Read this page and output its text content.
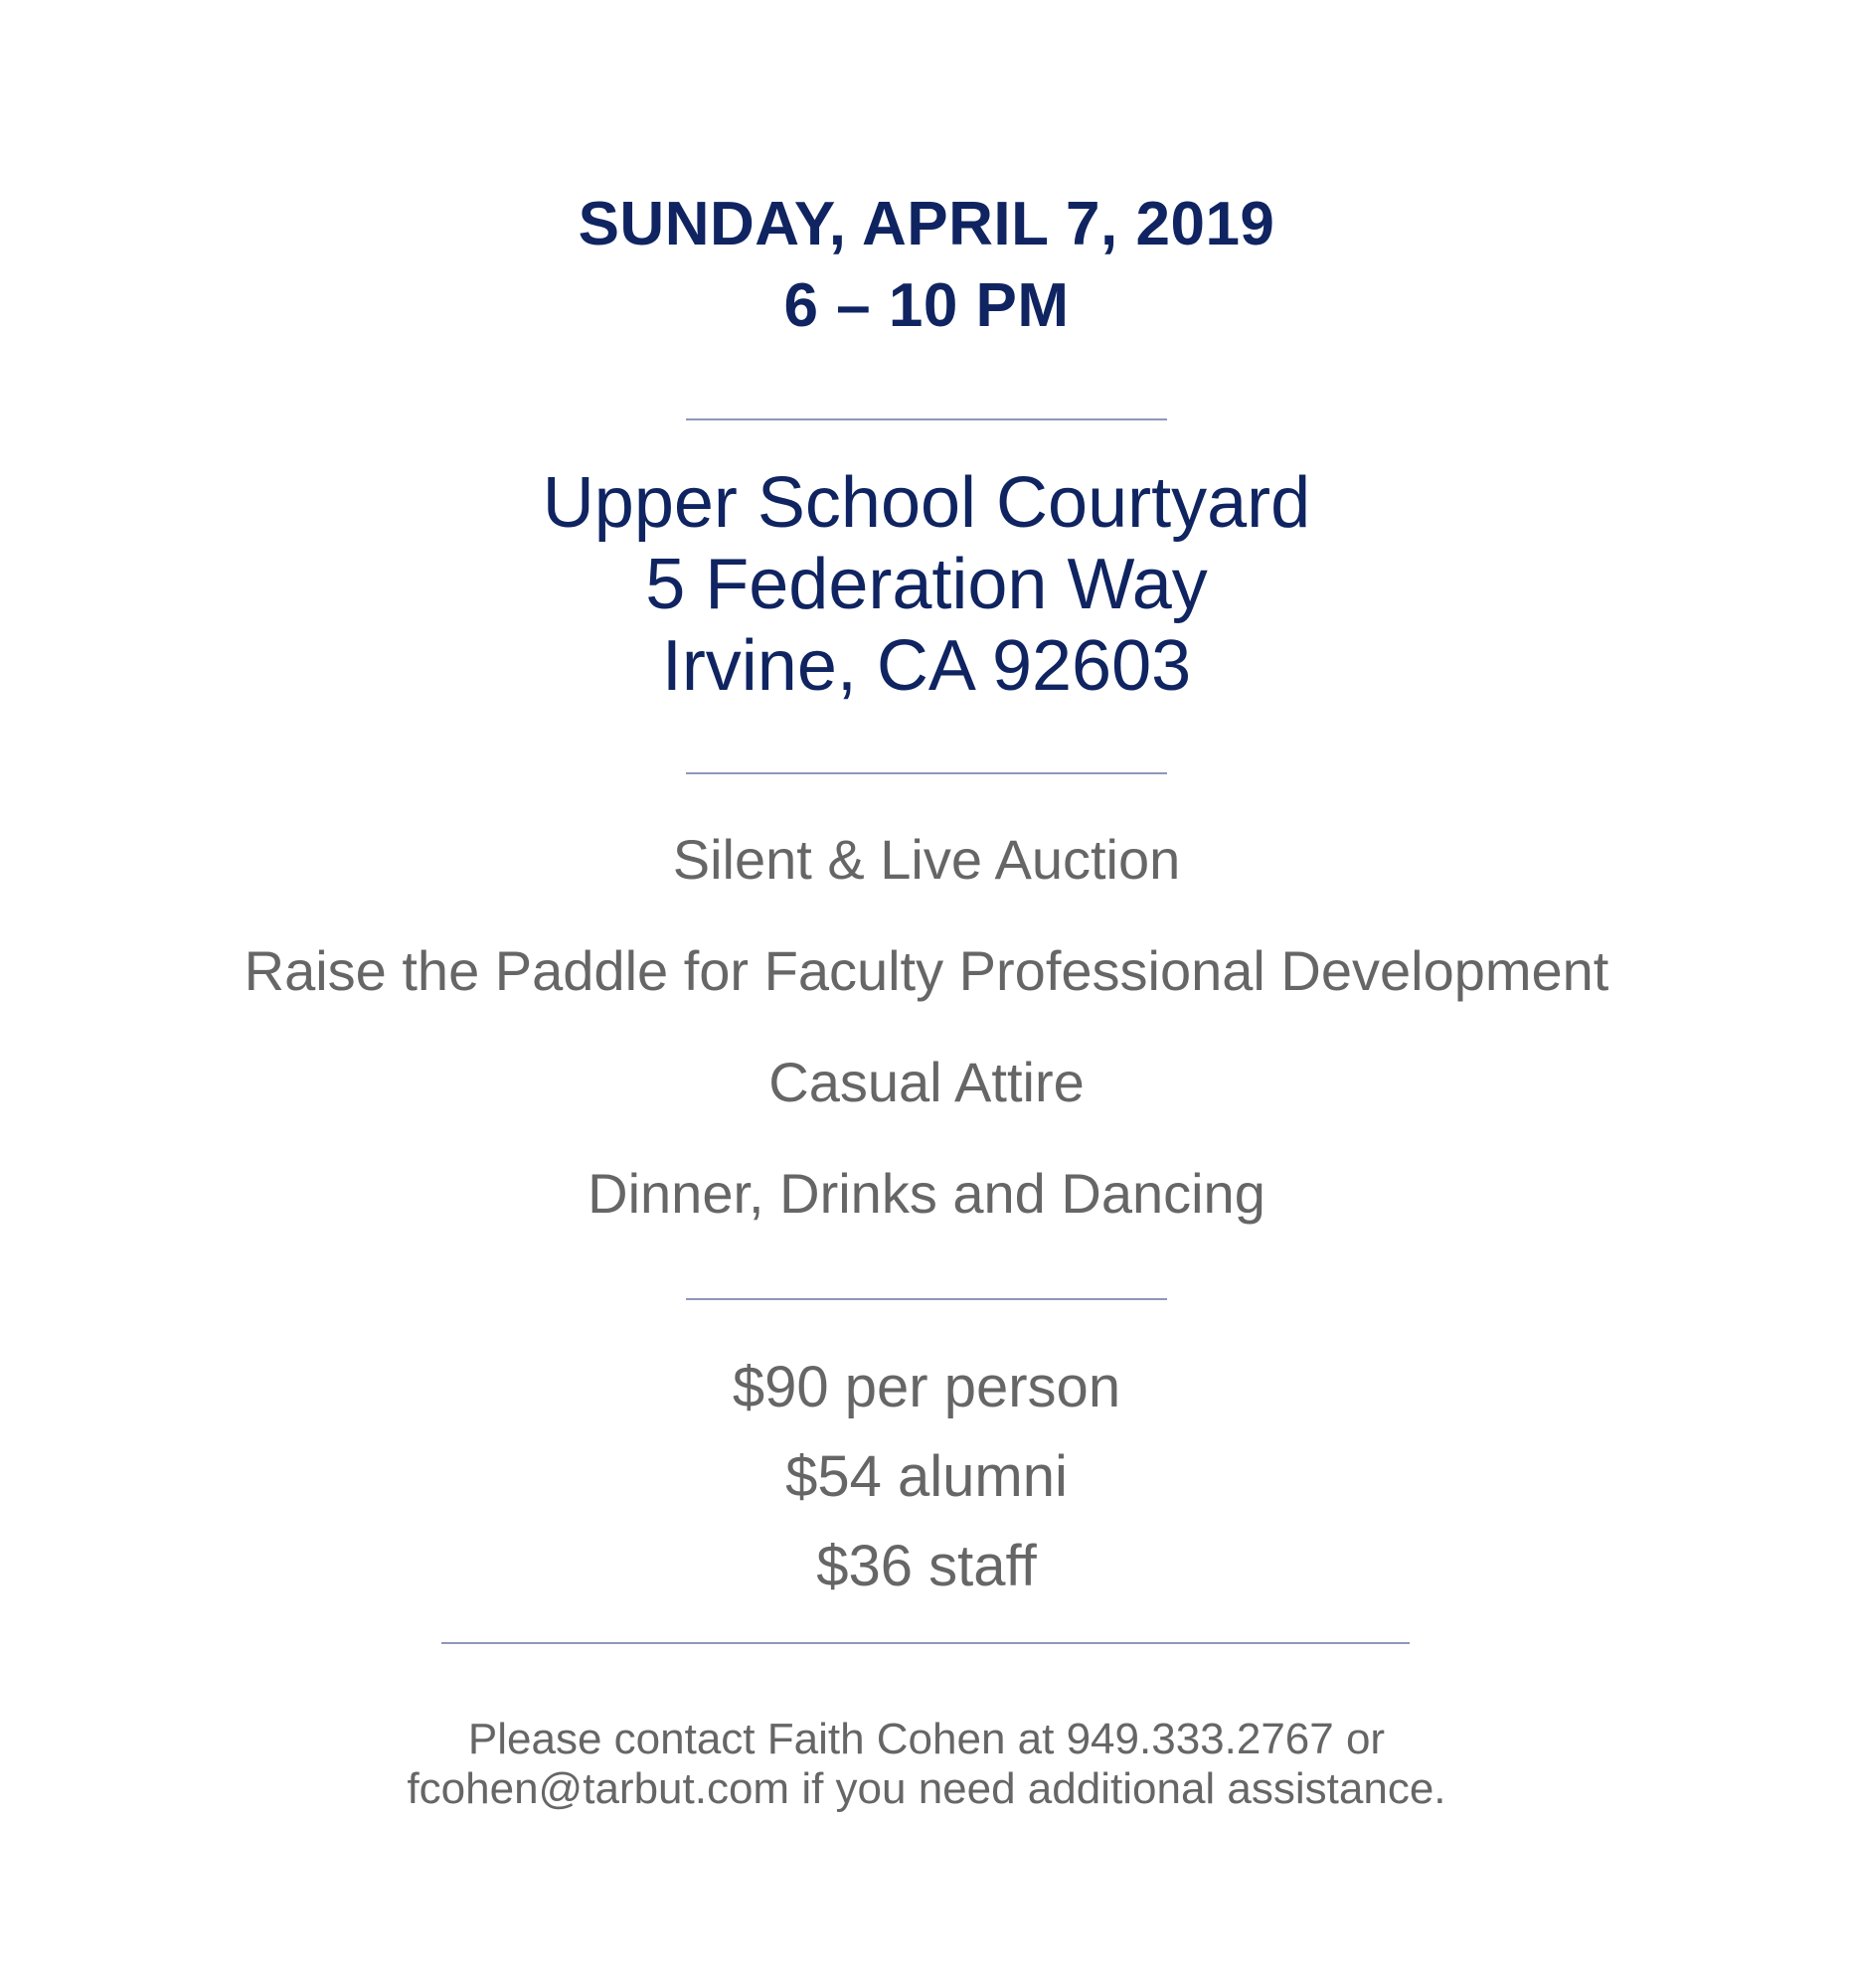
SUNDAY, APRIL 7, 2019
6 – 10 PM
Upper School Courtyard
5 Federation Way
Irvine, CA 92603
Silent & Live Auction
Raise the Paddle for Faculty Professional Development
Casual Attire
Dinner, Drinks and Dancing
$90 per person
$54 alumni
$36 staff
Please contact Faith Cohen at 949.333.2767 or
fcohen@tarbut.com if you need additional assistance.
